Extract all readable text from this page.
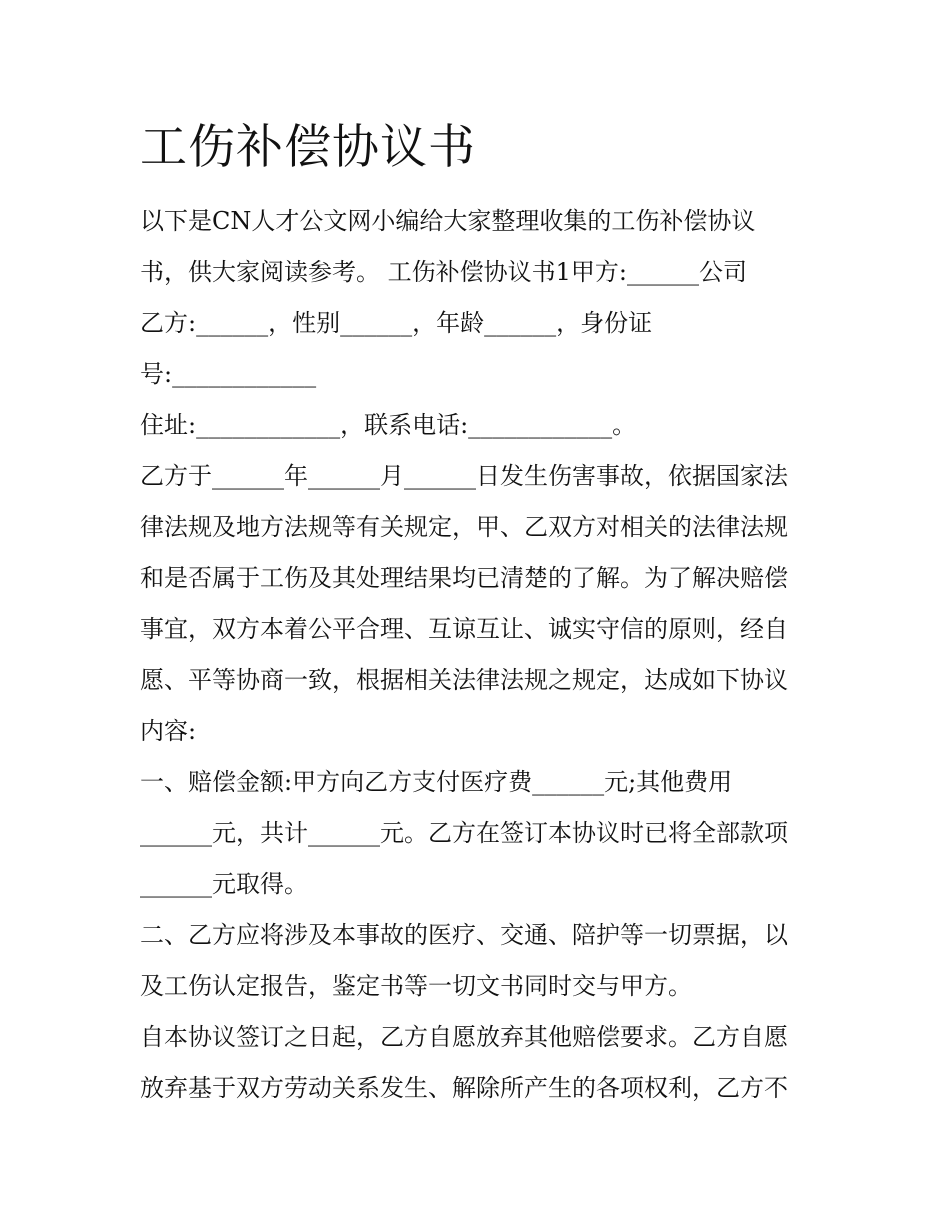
工伤补偿协议书

以下是CN人才公文网小编给大家整理收集的工伤补偿协议

书，供大家阅读参考。 工伤补偿协议书1甲方:______公司

乙方:______，性别______，年龄______，身份证

号:____________

住址:____________，联系电话:____________。

乙方于______年______月______日发生伤害事故，依据国家法

律法规及地方法规等有关规定，甲、乙双方对相关的法律法规

和是否属于工伤及其处理结果均已清楚的了解。为了解决赔偿

事宜，双方本着公平合理、互谅互让、诚实守信的原则，经自

愿、平等协商一致，根据相关法律法规之规定，达成如下协议

内容:

一、赔偿金额:甲方向乙方支付医疗费______元;其他费用

______元，共计______元。乙方在签订本协议时已将全部款项

______元取得。

二、乙方应将涉及本事故的医疗、交通、陪护等一切票据，以

及工伤认定报告，鉴定书等一切文书同时交与甲方。

自本协议签订之日起，乙方自愿放弃其他赔偿要求。乙方自愿

放弃基于双方劳动关系发生、解除所产生的各项权利，乙方不
